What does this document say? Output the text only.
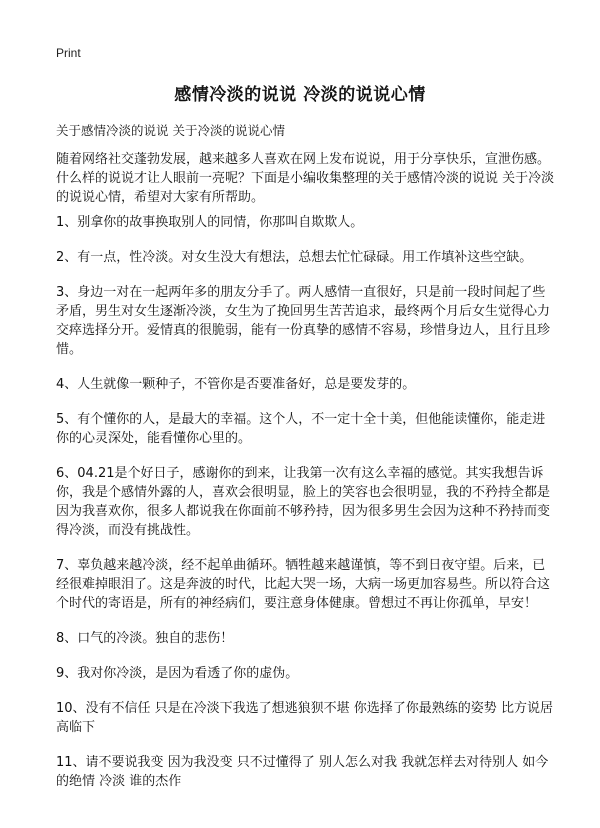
Print
感情冷淡的说说 冷淡的说说心情

关于感情冷淡的说说 关于冷淡的说说心情

随着网络社交蓬勃发展，越来越多人喜欢在网上发布说说，用于分享快乐，宣泄伤感。什么样的说说才让人眼前一亮呢？下面是小编收集整理的关于感情冷淡的说说 关于冷淡的说说心情，希望对大家有所帮助。

1、别拿你的故事换取别人的同情，你那叫自欺欺人。
2、有一点，性冷淡。对女生没大有想法，总想去忙忙碌碌。用工作填补这些空缺。
3、身边一对在一起两年多的朋友分手了。两人感情一直很好，只是前一段时间起了些矛盾，男生对女生逐渐冷淡，女生为了挽回男生苦苦追求，最终两个月后女生觉得心力交瘁选择分开。爱情真的很脆弱，能有一份真挚的感情不容易，珍惜身边人，且行且珍惜。
4、人生就像一颗种子，不管你是否要准备好，总是要发芽的。
5、有个懂你的人，是最大的幸福。这个人，不一定十全十美，但他能读懂你，能走进你的心灵深处，能看懂你心里的。
6、04.21是个好日子，感谢你的到来，让我第一次有这么幸福的感觉。其实我想告诉你，我是个感情外露的人，喜欢会很明显，脸上的笑容也会很明显，我的不矜持全都是因为我喜欢你，很多人都说我在你面前不够矜持，因为很多男生会因为这种不矜持而变得冷淡，而没有挑战性。
7、辜负越来越冷淡，经不起单曲循环。牺牲越来越谨慎，等不到日夜守望。后来，已经很难掉眼泪了。这是奔波的时代，比起大哭一场，大病一场更加容易些。所以符合这个时代的寄语是，所有的神经病们，要注意身体健康。曾想过不再让你孤单，早安！
8、口气的冷淡。独自的悲伤！
9、我对你冷淡，是因为看透了你的虚伪。
10、没有不信任 只是在冷淡下我选了想逃狼狈不堪 你选择了你最熟练的姿势 比方说居高临下
11、请不要说我变 因为我没变 只不过懂得了 别人怎么对我 我就怎样去对待别人 如今的绝情 冷淡 谁的杰作
